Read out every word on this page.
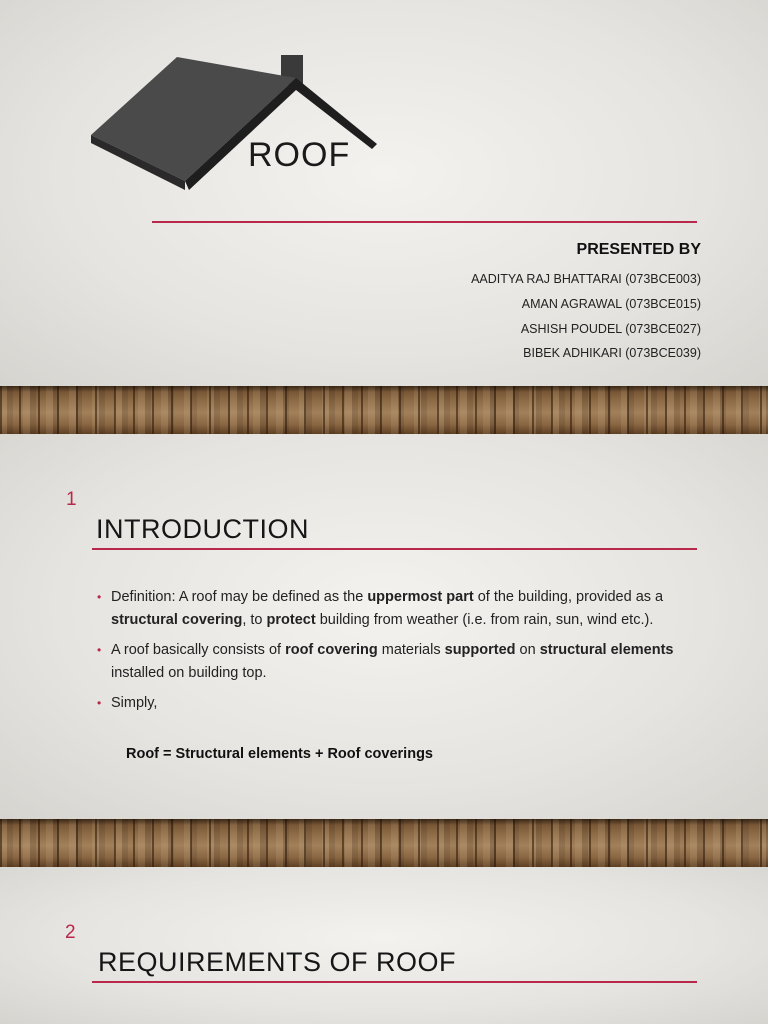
ROOF
PRESENTED BY
AADITYA RAJ BHATTARAI (073BCE003)
AMAN AGRAWAL (073BCE015)
ASHISH POUDEL (073BCE027)
BIBEK ADHIKARI (073BCE039)
1
INTRODUCTION
• Definition: A roof may be defined as the uppermost part of the building, provided as a structural covering, to protect building from weather (i.e. from rain, sun, wind etc.).
• A roof basically consists of roof covering materials supported on structural elements installed on building top.
• Simply,
Roof = Structural elements + Roof coverings
2
REQUIREMENTS OF ROOF
